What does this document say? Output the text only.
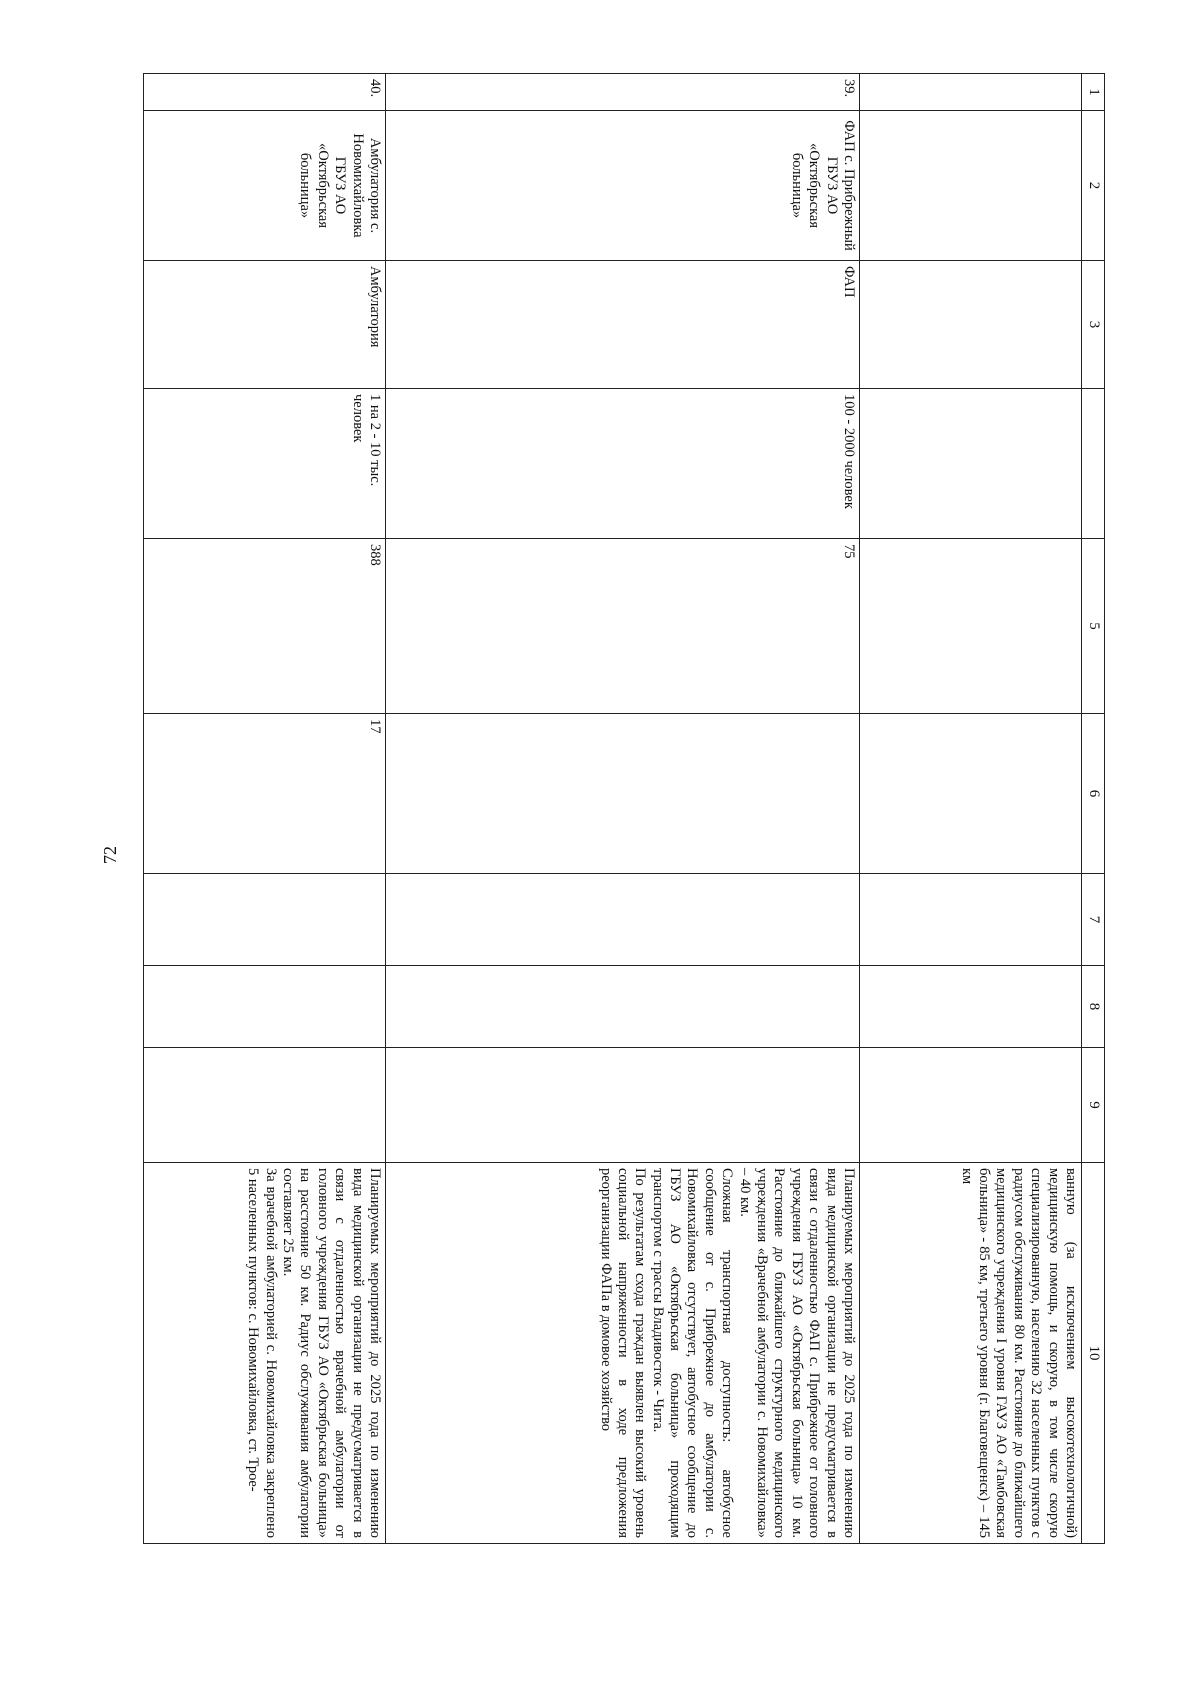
72
1	2	3		5	6	7	8	9	10

									ванную (за исключением высокотехнологичной) медицинскую помощь, и скорую, в том числе скорую специализированную, населению 32 населенных пунктов с радиусом обслуживания 80 км. Расстояние до ближайшего медицинского учреждения I уровня ГАУЗ АО «Тамбовская больница» - 85 км, третьего уровня (г. Благовещенск) – 145 км

39.	ФАП с. Прибрежный ГБУЗ АО «Октябрьская больница»	ФАП	100 - 2000 человек	75					Планируемых мероприятий до 2025 года по изменению вида медицинской организации не предусматривается в связи с отдаленностью ФАП с. Прибрежное от головного учреждения ГБУЗ АО «Октябрьская больница» 10 км. Расстояние до ближайшего структурного медицинского учреждения «Врачебной амбулатории с. Новомихайловка» – 40 км.
Сложная транспортная доступность: автобусное сообщение от с. Прибрежное до амбулатории с. Новомихайловка отсутствует, автобусное сообщение до ГБУЗ АО «Октябрьская больница» проходящим транспортом с трассы Владивосток - Чита.
По результатам схода граждан выявлен высокий уровень социальной напряженности в ходе предложения реорганизации ФАПа в домовое хозяйство

40.	Амбулатория с. Новомихайловка ГБУЗ АО «Октябрьская больница»	Амбулатория	1 на 2 - 10 тыс. человек	388	17				Планируемых мероприятий до 2025 года по изменению вида медицинской организации не предусматривается в связи с отдаленностью врачебной амбулатории от головного учреждения ГБУЗ АО «Октябрьская больница» на расстояние 50 км. Радиус обслуживания амбулатории составляет 25 км.
За врачебной амбулаторией с. Новомихайловка закреплено 5 населенных пунктов: с. Новомихайловка, ст. Троe-
